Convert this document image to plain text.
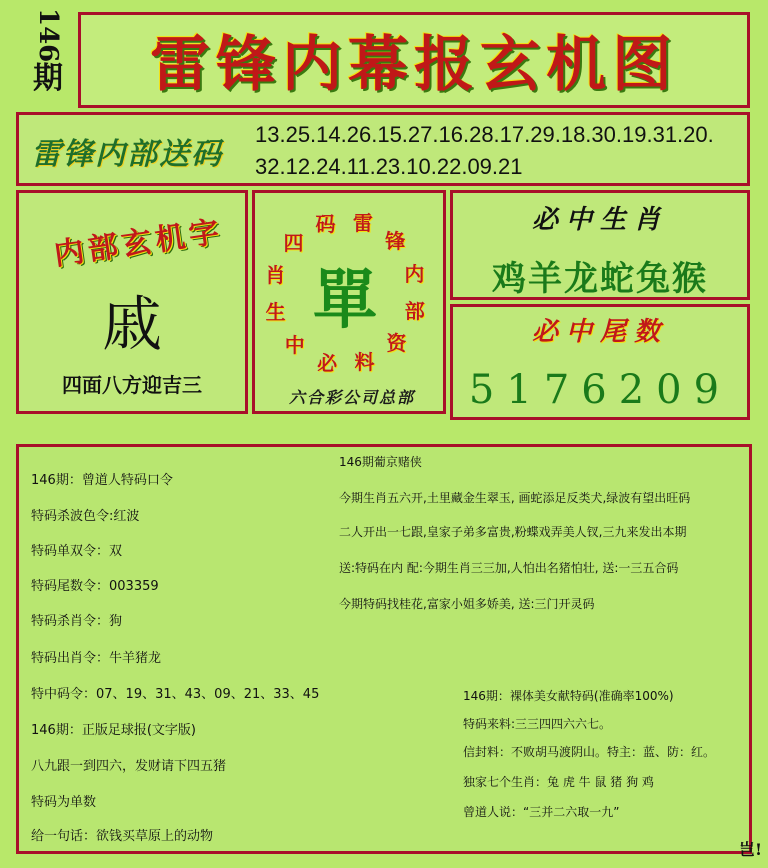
146
期 雷锋内幕报玄机图
雷锋内部送码
13.25.14.26.15.27.16.28.17.29.18.30.19.31.20.
32.12.24.11.23.10.22.09.21
内部玄机字
戚
四面八方迎吉三
雷
锋
内
部
资
料
必
中
生
肖
四
码
單
六合彩公司总部
必中生肖
鸡羊龙蛇兔猴
必中尾数
5176209
146期：曾道人特码口令
特码杀波色令:红波
特码单双令：双
特码尾数令：003359
特码杀肖令：狗
特码出肖令：牛羊猪龙
特中码令：07、19、31、43、09、21、33、45
146期：正版足球报(文字版)
八九跟一到四六，发财请下四五猪
特码为单数
给一句话：欲钱买草原上的动物
146期葡京赌侠
今期生肖五六开,土里藏金生翠玉, 画蛇添足反类犬,绿波有望出旺码
二人开出一七跟,皇家子弟多富贵,粉蝶戏弄美人钗,三九来发出本期
送:特码在内 配:今期生肖三三加,人怕出名猪怕壮, 送:一三五合码
今期特码找桂花,富家小姐多娇美, 送:三门开灵码
146期：裸体美女献特码(准确率100%)
特码来料:三三四四六六七。
信封料：不败胡马渡阴山。特主：蓝、防：红。
独家七个生肖：兔 虎 牛 鼠 猪 狗 鸡
曾道人说：“三并二六取一九”
岂!
